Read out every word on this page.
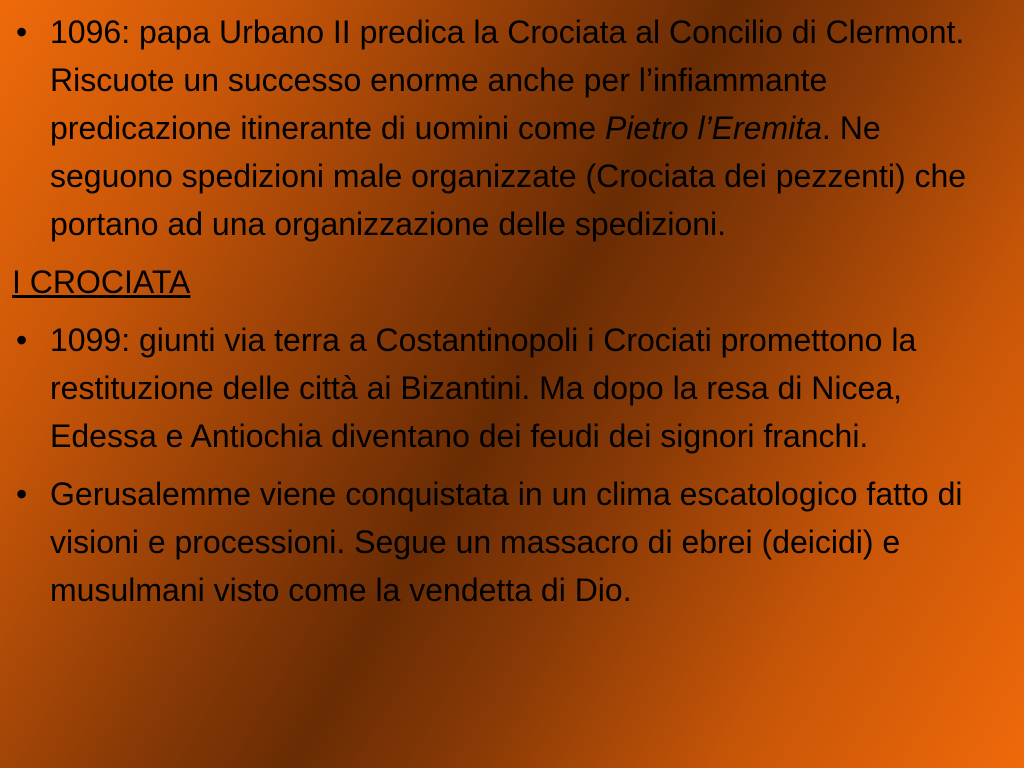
• 1096: papa Urbano II predica la Crociata al Concilio di Clermont. Riscuote un successo enorme anche per l’infiammante predicazione itinerante di uomini come Pietro l’Eremita. Ne seguono spedizioni male organizzate (Crociata dei pezzenti) che portano ad una organizzazione delle spedizioni.
I CROCIATA
• 1099: giunti via terra a Costantinopoli i Crociati promettono la restituzione delle città ai Bizantini. Ma dopo la resa di Nicea, Edessa e Antiochia diventano dei feudi dei signori franchi.
• Gerusalemme viene conquistata in un clima escatologico fatto di visioni e processioni. Segue un massacro di ebrei (deicidi) e musulmani visto come la vendetta di Dio.
